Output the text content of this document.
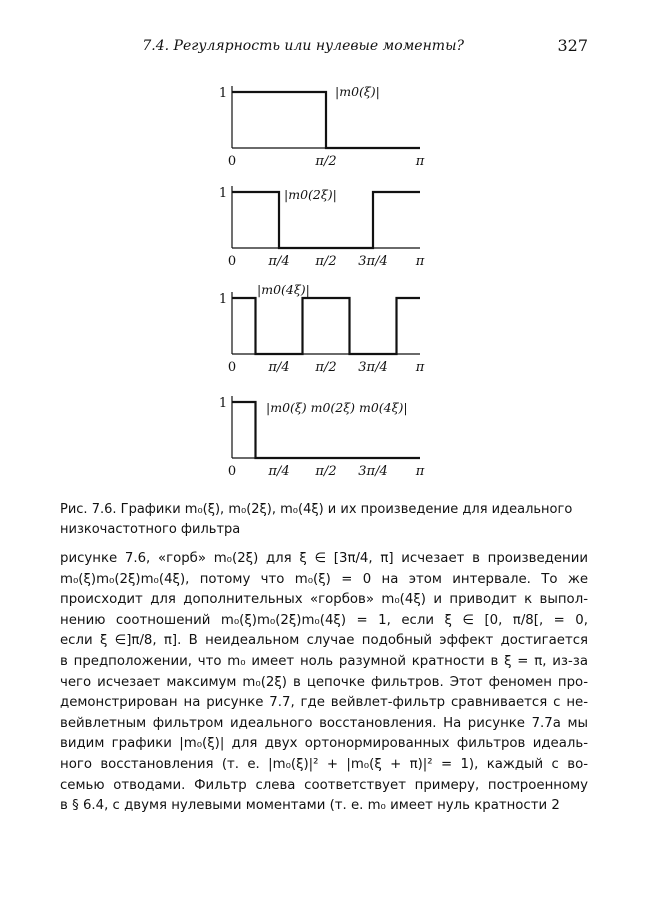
7.4. Регулярность или нулевые моменты?	327
1
0	π/2	π
|m0(ξ)|
1
0 π/4 π/2 3π/4 π
|m0(2ξ)|
1
0 π/4 π/2 3π/4 π
|m0(4ξ)|
1
0 π/4 π/2 3π/4 π
|m0(ξ) m0(2ξ) m0(4ξ)|
Рис. 7.6. Графики m₀(ξ), m₀(2ξ), m₀(4ξ) и их произведение для идеального
низкочастотного фильтра
рисунке 7.6, «горб» m₀(2ξ) для ξ ∈ [3π/4, π] исчезает в произведении
m₀(ξ)m₀(2ξ)m₀(4ξ), потому что m₀(ξ) = 0 на этом интервале. То же
происходит для дополнительных «горбов» m₀(4ξ) и приводит к выпол-
нению соотношений m₀(ξ)m₀(2ξ)m₀(4ξ) = 1, если ξ ∈ [0, π/8[, = 0,
если ξ ∈]π/8, π]. В неидеальном случае подобный эффект достигается
в предположении, что m₀ имеет ноль разумной кратности в ξ = π, из-за
чего исчезает максимум m₀(2ξ) в цепочке фильтров. Этот феномен про-
демонстрирован на рисунке 7.7, где вейвлет-фильтр сравнивается с не-
вейвлетным фильтром идеального восстановления. На рисунке 7.7а мы
видим графики |m₀(ξ)| для двух ортонормированных фильтров идеаль-
ного восстановления (т. е. |m₀(ξ)|² + |m₀(ξ + π)|² = 1), каждый с во-
семью отводами. Фильтр слева соответствует примеру, построенному
в § 6.4, с двумя нулевыми моментами (т. е. m₀ имеет нуль кратности 2
